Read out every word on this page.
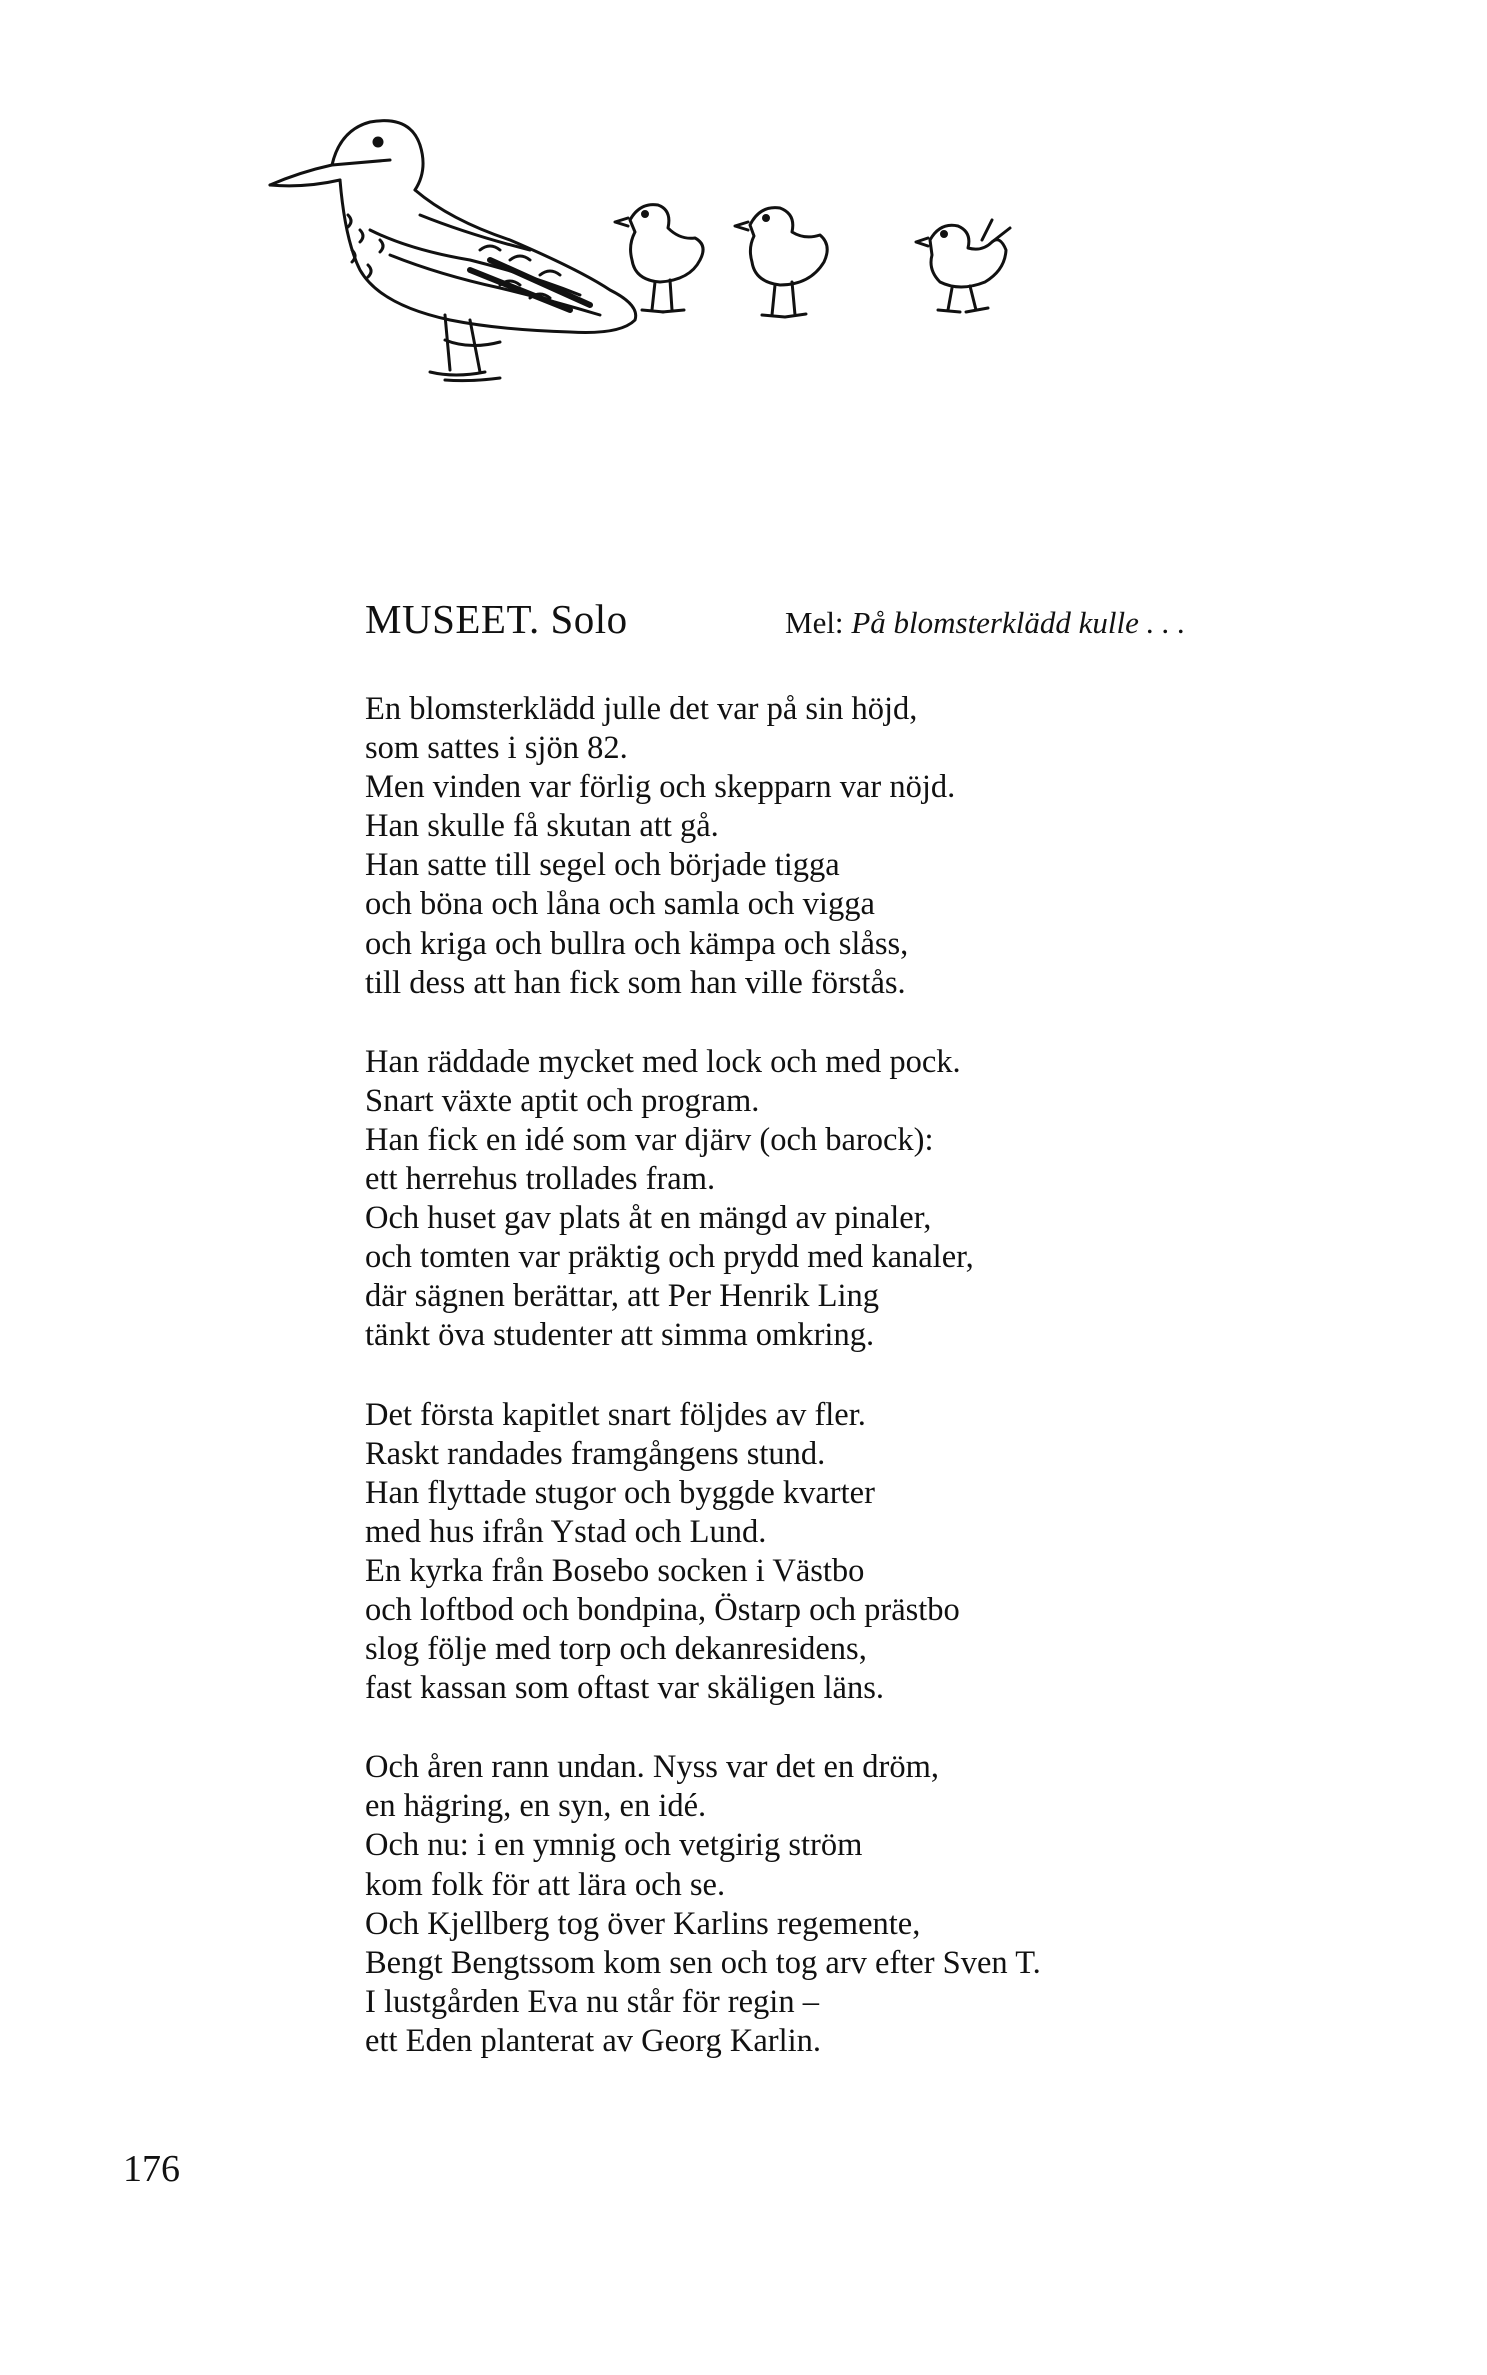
MUSEET. Solo	Mel: På blomsterklädd kulle . . .
En blomsterklädd julle det var på sin höjd,
som sattes i sjön 82.
Men vinden var förlig och skepparn var nöjd.
Han skulle få skutan att gå.
Han satte till segel och började tigga
och böna och låna och samla och vigga
och kriga och bullra och kämpa och slåss,
till dess att han fick som han ville förstås.
Han räddade mycket med lock och med pock.
Snart växte aptit och program.
Han fick en idé som var djärv (och barock):
ett herrehus trollades fram.
Och huset gav plats åt en mängd av pinaler,
och tomten var präktig och prydd med kanaler,
där sägnen berättar, att Per Henrik Ling
tänkt öva studenter att simma omkring.
Det första kapitlet snart följdes av fler.
Raskt randades framgångens stund.
Han flyttade stugor och byggde kvarter
med hus ifrån Ystad och Lund.
En kyrka från Bosebo socken i Västbo
och loftbod och bondpina, Östarp och prästbo
slog följe med torp och dekanresidens,
fast kassan som oftast var skäligen läns.
Och åren rann undan. Nyss var det en dröm,
en hägring, en syn, en idé.
Och nu: i en ymnig och vetgirig ström
kom folk för att lära och se.
Och Kjellberg tog över Karlins regemente,
Bengt Bengtssom kom sen och tog arv efter Sven T.
I lustgården Eva nu står för regin –
ett Eden planterat av Georg Karlin.
176
